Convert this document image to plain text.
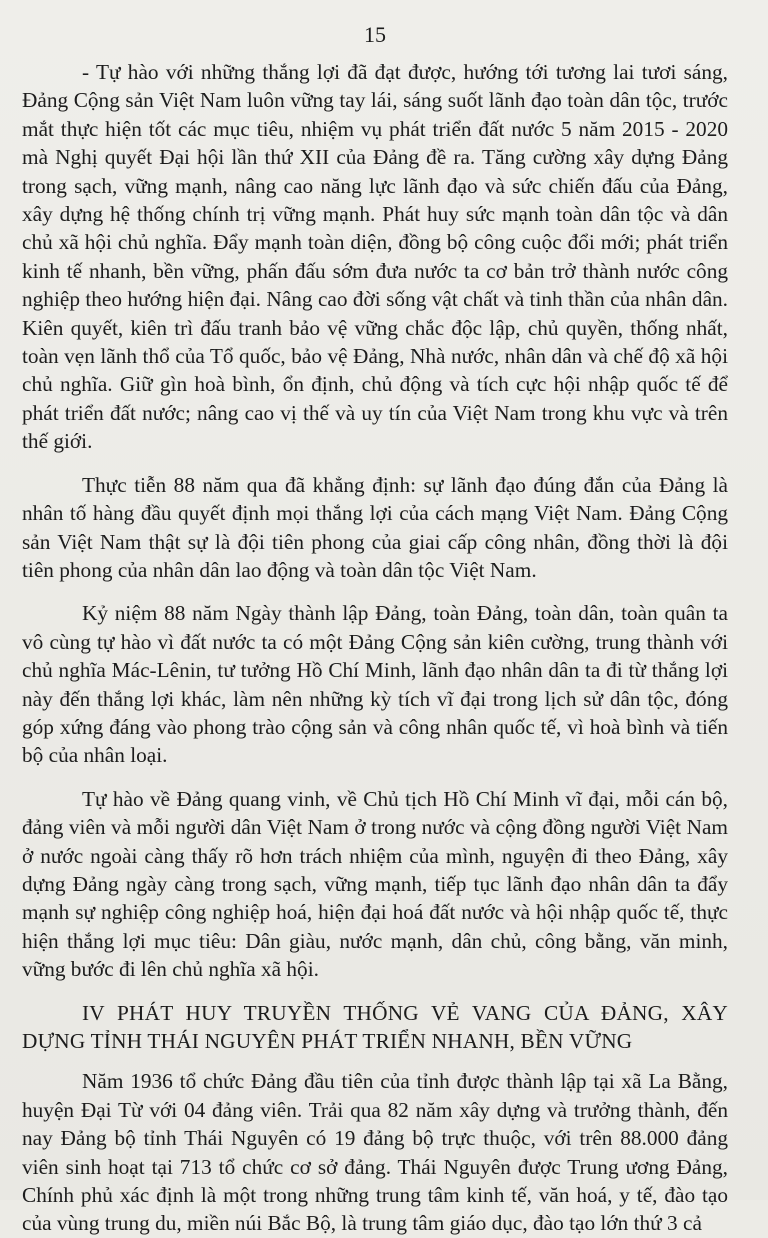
15

- Tự hào với những thắng lợi đã đạt được, hướng tới tương lai tươi sáng, Đảng Cộng sản Việt Nam luôn vững tay lái, sáng suốt lãnh đạo toàn dân tộc, trước mắt thực hiện tốt các mục tiêu, nhiệm vụ phát triển đất nước 5 năm 2015 - 2020 mà Nghị quyết Đại hội lần thứ XII của Đảng đề ra. Tăng cường xây dựng Đảng trong sạch, vững mạnh, nâng cao năng lực lãnh đạo và sức chiến đấu của Đảng, xây dựng hệ thống chính trị vững mạnh. Phát huy sức mạnh toàn dân tộc và dân chủ xã hội chủ nghĩa. Đẩy mạnh toàn diện, đồng bộ công cuộc đổi mới; phát triển kinh tế nhanh, bền vững, phấn đấu sớm đưa nước ta cơ bản trở thành nước công nghiệp theo hướng hiện đại. Nâng cao đời sống vật chất và tinh thần của nhân dân. Kiên quyết, kiên trì đấu tranh bảo vệ vững chắc độc lập, chủ quyền, thống nhất, toàn vẹn lãnh thổ của Tổ quốc, bảo vệ Đảng, Nhà nước, nhân dân và chế độ xã hội chủ nghĩa. Giữ gìn hoà bình, ổn định, chủ động và tích cực hội nhập quốc tế để phát triển đất nước; nâng cao vị thế và uy tín của Việt Nam trong khu vực và trên thế giới.

Thực tiễn 88 năm qua đã khẳng định: sự lãnh đạo đúng đắn của Đảng là nhân tố hàng đầu quyết định mọi thắng lợi của cách mạng Việt Nam. Đảng Cộng sản Việt Nam thật sự là đội tiên phong của giai cấp công nhân, đồng thời là đội tiên phong của nhân dân lao động và toàn dân tộc Việt Nam.

Kỷ niệm 88 năm Ngày thành lập Đảng, toàn Đảng, toàn dân, toàn quân ta vô cùng tự hào vì đất nước ta có một Đảng Cộng sản kiên cường, trung thành với chủ nghĩa Mác-Lênin, tư tưởng Hồ Chí Minh, lãnh đạo nhân dân ta đi từ thắng lợi này đến thắng lợi khác, làm nên những kỳ tích vĩ đại trong lịch sử dân tộc, đóng góp xứng đáng vào phong trào cộng sản và công nhân quốc tế, vì hoà bình và tiến bộ của nhân loại.

Tự hào về Đảng quang vinh, về Chủ tịch Hồ Chí Minh vĩ đại, mỗi cán bộ, đảng viên và mỗi người dân Việt Nam ở trong nước và cộng đồng người Việt Nam ở nước ngoài càng thấy rõ hơn trách nhiệm của mình, nguyện đi theo Đảng, xây dựng Đảng ngày càng trong sạch, vững mạnh, tiếp tục lãnh đạo nhân dân ta đẩy mạnh sự nghiệp công nghiệp hoá, hiện đại hoá đất nước và hội nhập quốc tế, thực hiện thắng lợi mục tiêu: Dân giàu, nước mạnh, dân chủ, công bằng, văn minh, vững bước đi lên chủ nghĩa xã hội.

IV PHÁT HUY TRUYỀN THỐNG VẺ VANG CỦA ĐẢNG, XÂY DỰNG TỈNH THÁI NGUYÊN PHÁT TRIỂN NHANH, BỀN VỮNG

Năm 1936 tổ chức Đảng đầu tiên của tỉnh được thành lập tại xã La Bằng, huyện Đại Từ với 04 đảng viên. Trải qua 82 năm xây dựng và trưởng thành, đến nay Đảng bộ tỉnh Thái Nguyên có 19 đảng bộ trực thuộc, với trên 88.000 đảng viên sinh hoạt tại 713 tổ chức cơ sở đảng. Thái Nguyên được Trung ương Đảng, Chính phủ xác định là một trong những trung tâm kinh tế, văn hoá, y tế, đào tạo của vùng trung du, miền núi Bắc Bộ, là trung tâm giáo dục, đào tạo lớn thứ 3 cả
